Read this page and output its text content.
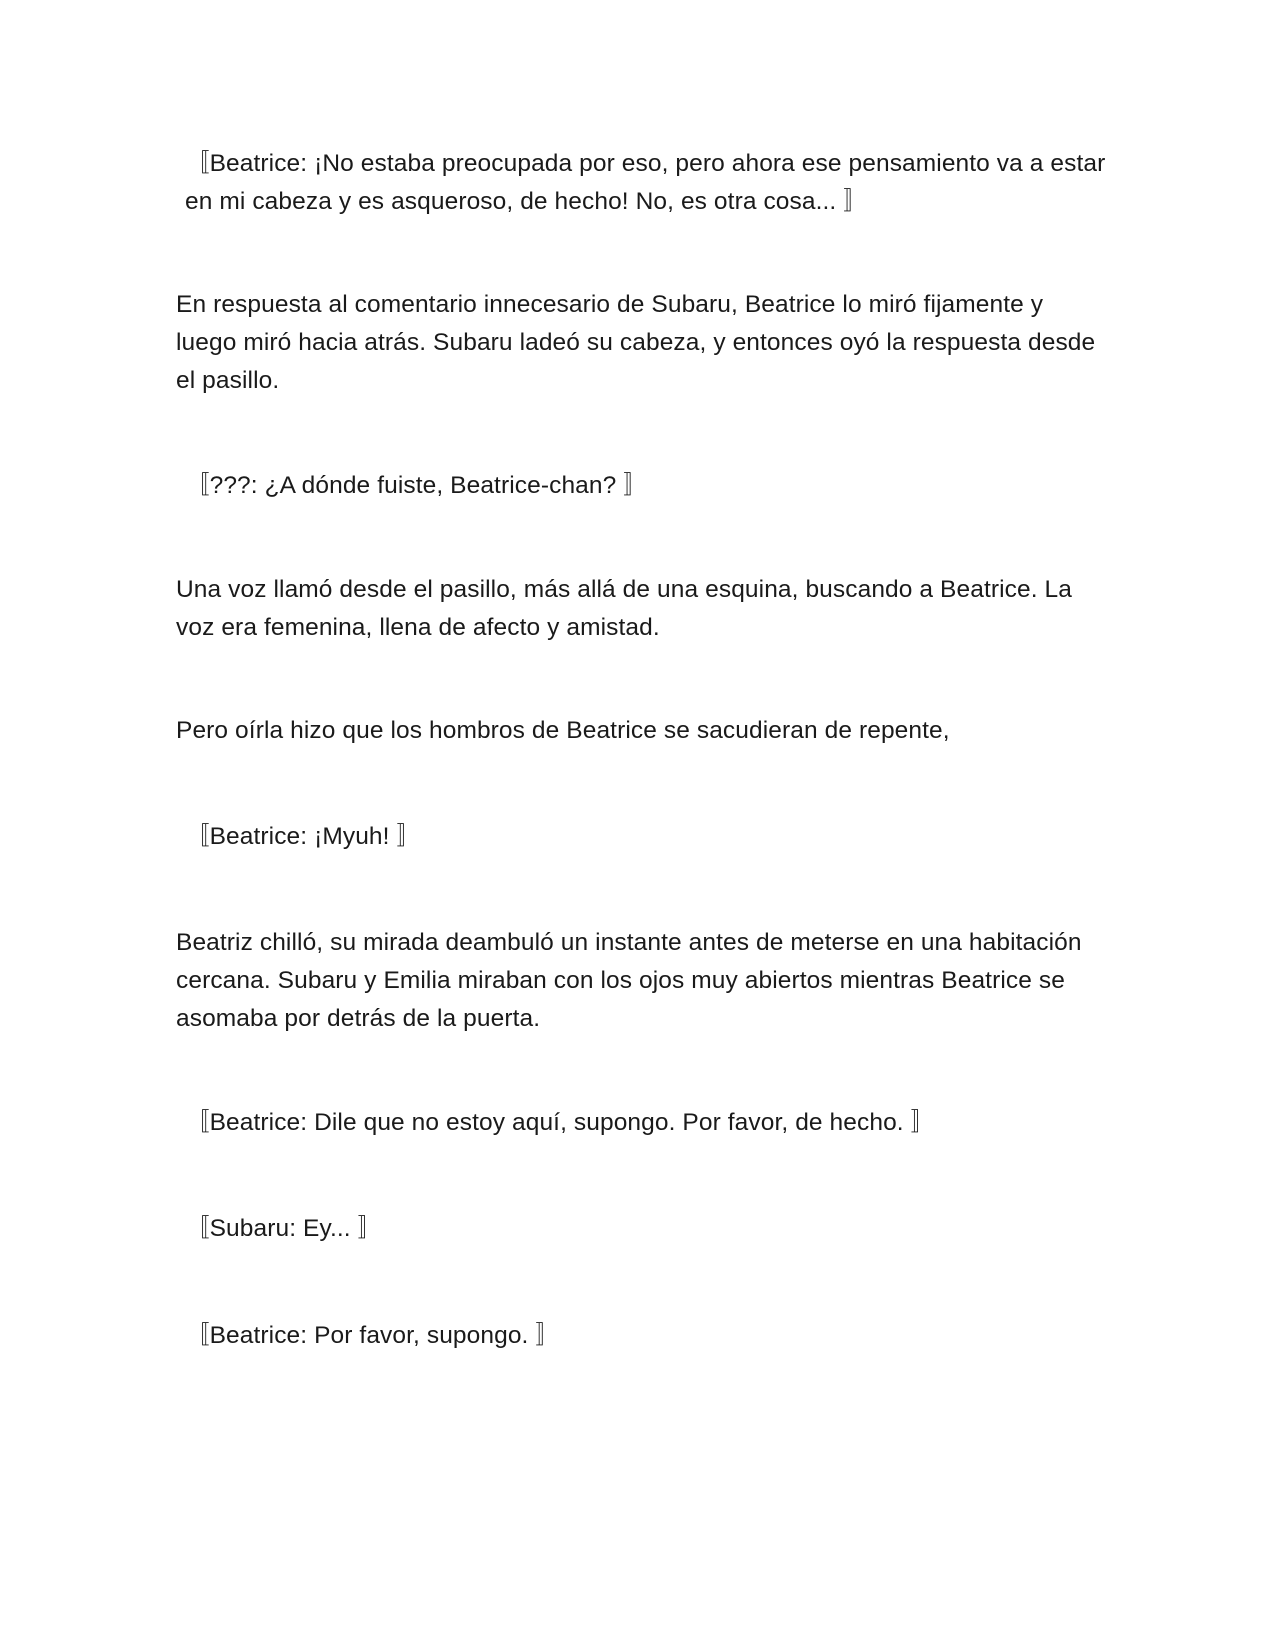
〚Beatrice: ¡No estaba preocupada por eso, pero ahora ese pensamiento va a estar en mi cabeza y es asqueroso, de hecho! No, es otra cosa... 〛

En respuesta al comentario innecesario de Subaru, Beatrice lo miró fijamente y luego miró hacia atrás. Subaru ladeó su cabeza, y entonces oyó la respuesta desde el pasillo.

〚???: ¿A dónde fuiste, Beatrice-chan? 〛

Una voz llamó desde el pasillo, más allá de una esquina, buscando a Beatrice. La voz era femenina, llena de afecto y amistad.

Pero oírla hizo que los hombros de Beatrice se sacudieran de repente,

〚Beatrice: ¡Myuh! 〛

Beatriz chilló, su mirada deambuló un instante antes de meterse en una habitación cercana. Subaru y Emilia miraban con los ojos muy abiertos mientras Beatrice se asomaba por detrás de la puerta.

〚Beatrice: Dile que no estoy aquí, supongo. Por favor, de hecho. 〛

〚Subaru: Ey... 〛

〚Beatrice: Por favor, supongo. 〛
